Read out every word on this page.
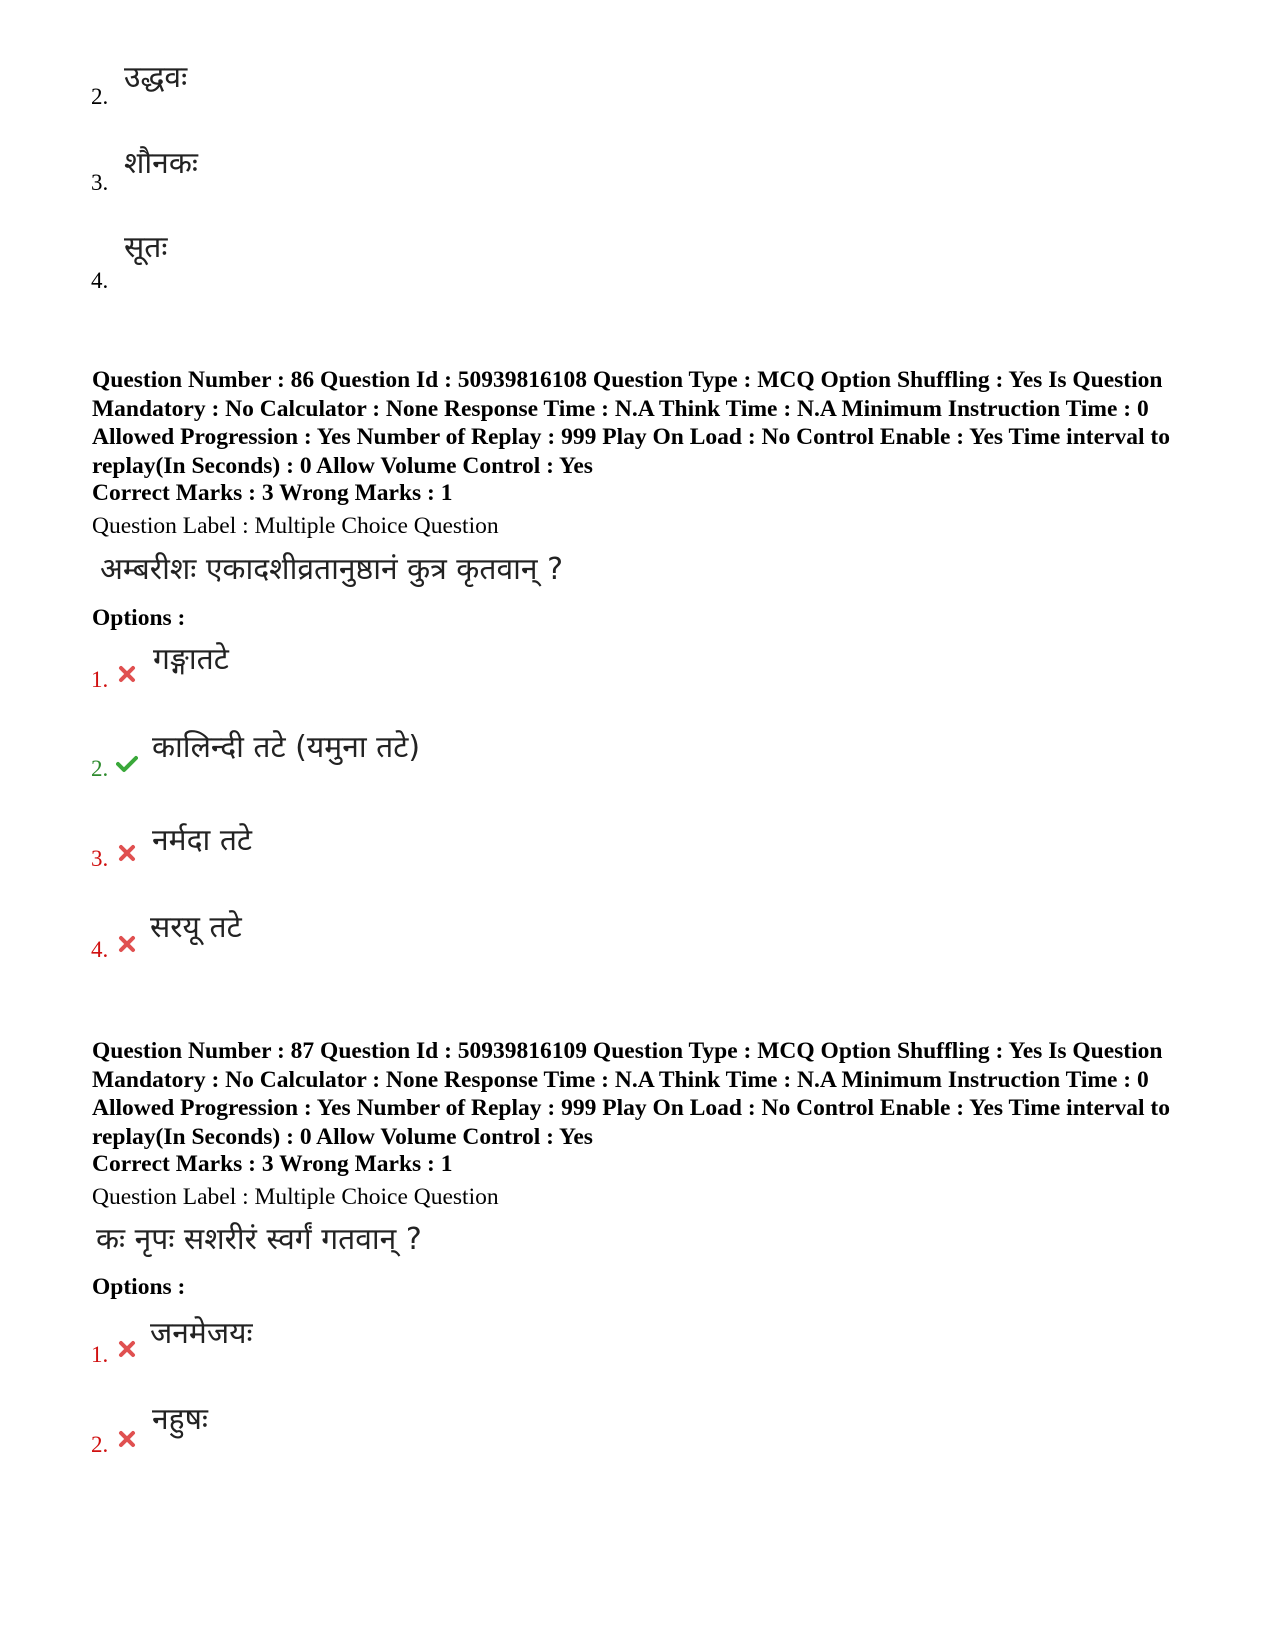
2.
उद्धवः
3.
शौनकः
4.
सूतः
Question Number : 86 Question Id : 50939816108 Question Type : MCQ Option Shuffling : Yes Is Question Mandatory : No Calculator : None Response Time : N.A Think Time : N.A Minimum Instruction Time : 0 Allowed Progression : Yes Number of Replay : 999 Play On Load : No Control Enable : Yes Time interval to replay(In Seconds) : 0 Allow Volume Control : Yes
Correct Marks : 3 Wrong Marks : 1
Question Label : Multiple Choice Question
अम्बरीशः एकादशीव्रतानुष्ठानं कुत्र कृतवान् ?
Options :
1.
गङ्गातटे
2.
कालिन्दी तटे (यमुना तटे)
3.
नर्मदा तटे
4.
सरयू तटे
Question Number : 87 Question Id : 50939816109 Question Type : MCQ Option Shuffling : Yes Is Question Mandatory : No Calculator : None Response Time : N.A Think Time : N.A Minimum Instruction Time : 0 Allowed Progression : Yes Number of Replay : 999 Play On Load : No Control Enable : Yes Time interval to replay(In Seconds) : 0 Allow Volume Control : Yes
Correct Marks : 3 Wrong Marks : 1
Question Label : Multiple Choice Question
कः नृपः सशरीरं स्वर्गं गतवान् ?
Options :
1.
जनमेजयः
2.
नहुषः
